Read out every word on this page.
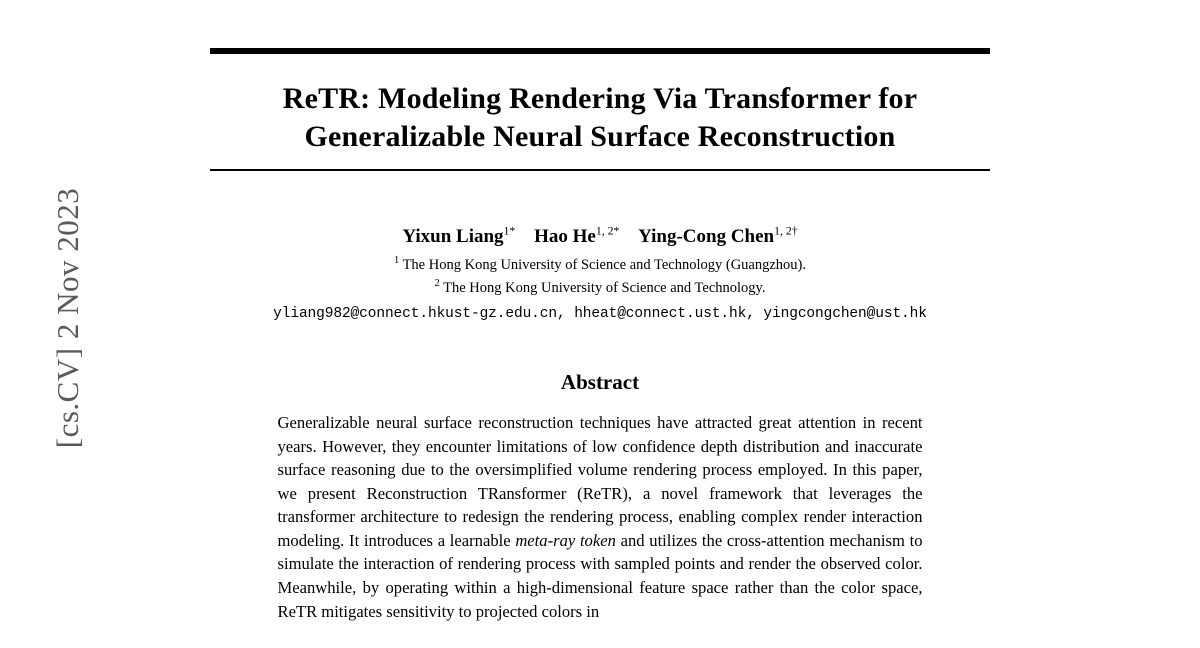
[cs.CV] 2 Nov 2023
ReTR: Modeling Rendering Via Transformer for
Generalizable Neural Surface Reconstruction
Yixun Liang$^{1*}$ Hao $He^{1, 2*}$ Ying-Cong Chen$^{1, 2\dagger}$
$^1$ The Hong Kong University of Science and Technology (Guangzhou).
$^2$ The Hong Kong University of Science and Technology.
yliang982@connect.hkust-gz.edu.cn, hheat@connect.ust.hk, yingcongchen@ust.hk
Abstract
Generalizable neural surface reconstruction techniques have attracted great attention in recent years. However, they encounter limitations of low confidence depth distribution and inaccurate surface reasoning due to the oversimplified volume rendering process employed. In this paper, we present Reconstruction TRansformer (ReTR), a novel framework that leverages the transformer architecture to redesign the rendering process, enabling complex render interaction modeling. It introduces a learnable meta-ray token and utilizes the cross-attention mechanism to simulate the interaction of rendering process with sampled points and render the observed color. Meanwhile, by operating within a high-dimensional feature space rather than the color space, ReTR mitigates sensitivity to projected colors in
